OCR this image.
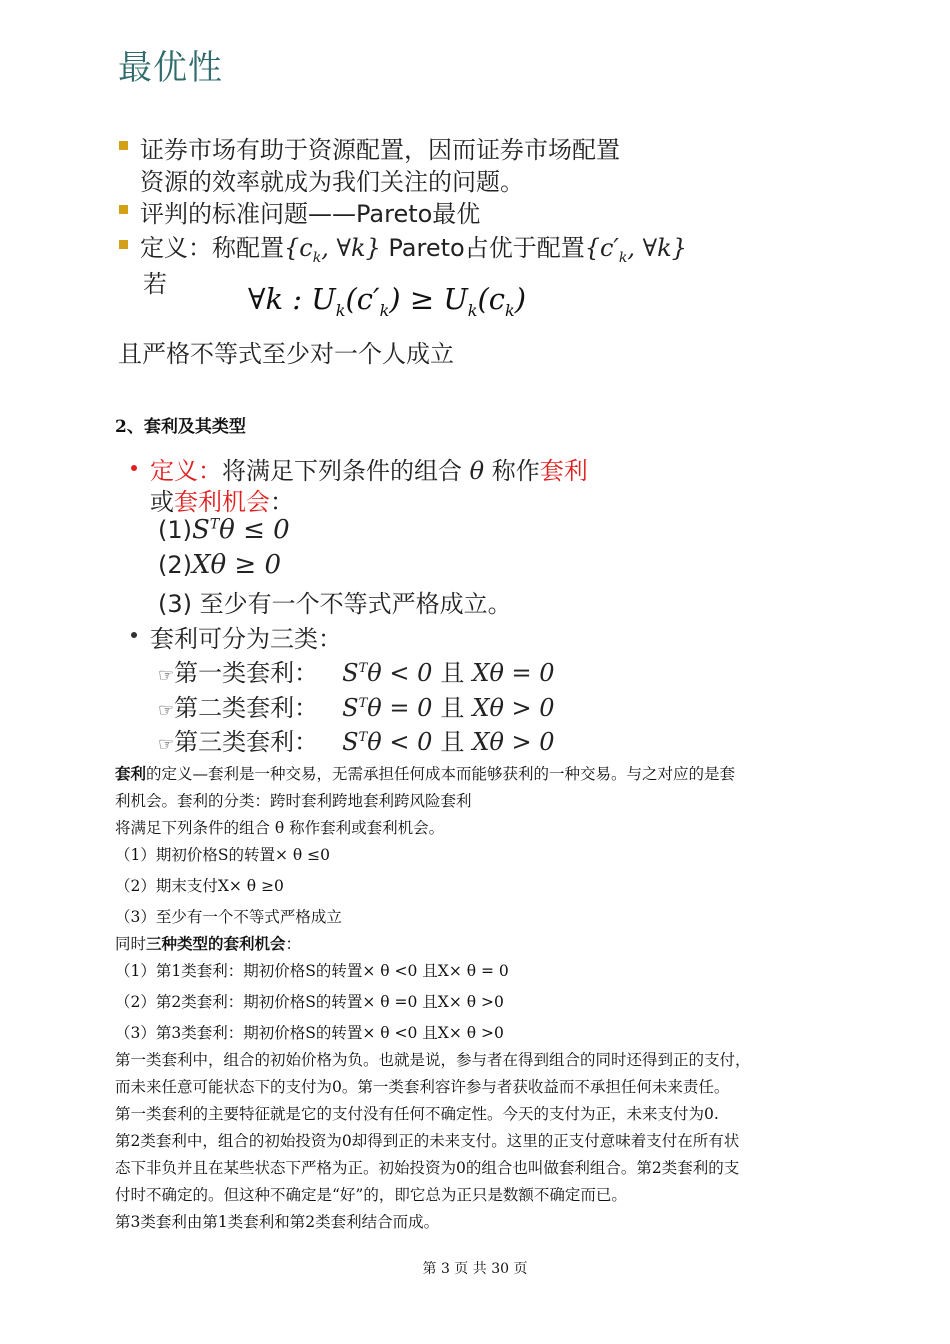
最优性
证券市场有助于资源配置，因而证券市场配置
资源的效率就成为我们关注的问题。
评判的标准问题——Pareto最优
定义：称配置{$c_k$, ∀k} Pareto占优于配置{$c'_k$, ∀k}
若	∀k : $U_k(c'_k) \ge U_k(c_k)$
且严格不等式至少对一个人成立
2、套利及其类型
定义：将满足下列条件的组合 θ 称作套利
或套利机会：
$(1)S^T\theta \le 0$
(2)Xθ ≥ 0
(3) 至少有一个不等式严格成立。
套利可分为三类：
☞第一类套利： $S^T\theta < 0$ 且 Xθ = 0
☞第二类套利： $S^T\theta = 0$ 且 Xθ > 0
☞第三类套利： $S^T\theta < 0$ 且 Xθ > 0
套利的定义—套利是一种交易，无需承担任何成本而能够获利的一种交易。与之对应的是套
利机会。套利的分类：跨时套利跨地套利跨风险套利
将满足下列条件的组合 θ 称作套利或套利机会。
（1）期初价格S的转置× θ ≤0
（2）期末支付X× θ ≥0
（3）至少有一个不等式严格成立
同时三种类型的套利机会：
（1）第1类套利：期初价格S的转置× θ <0 且X× θ = 0
（2）第2类套利：期初价格S的转置× θ =0 且X× θ >0
（3）第3类套利：期初价格S的转置× θ <0 且X× θ >0
第一类套利中，组合的初始价格为负。也就是说，参与者在得到组合的同时还得到正的支付，
而未来任意可能状态下的支付为0。第一类套利容许参与者获收益而不承担任何未来责任。
第一类套利的主要特征就是它的支付没有任何不确定性。今天的支付为正，未来支付为0.
第2类套利中，组合的初始投资为0却得到正的未来支付。这里的正支付意味着支付在所有状
态下非负并且在某些状态下严格为正。初始投资为0的组合也叫做套利组合。第2类套利的支
付时不确定的。但这种不确定是“好”的，即它总为正只是数额不确定而已。
第3类套利由第1类套利和第2类套利结合而成。
第 3 页 共 30 页
